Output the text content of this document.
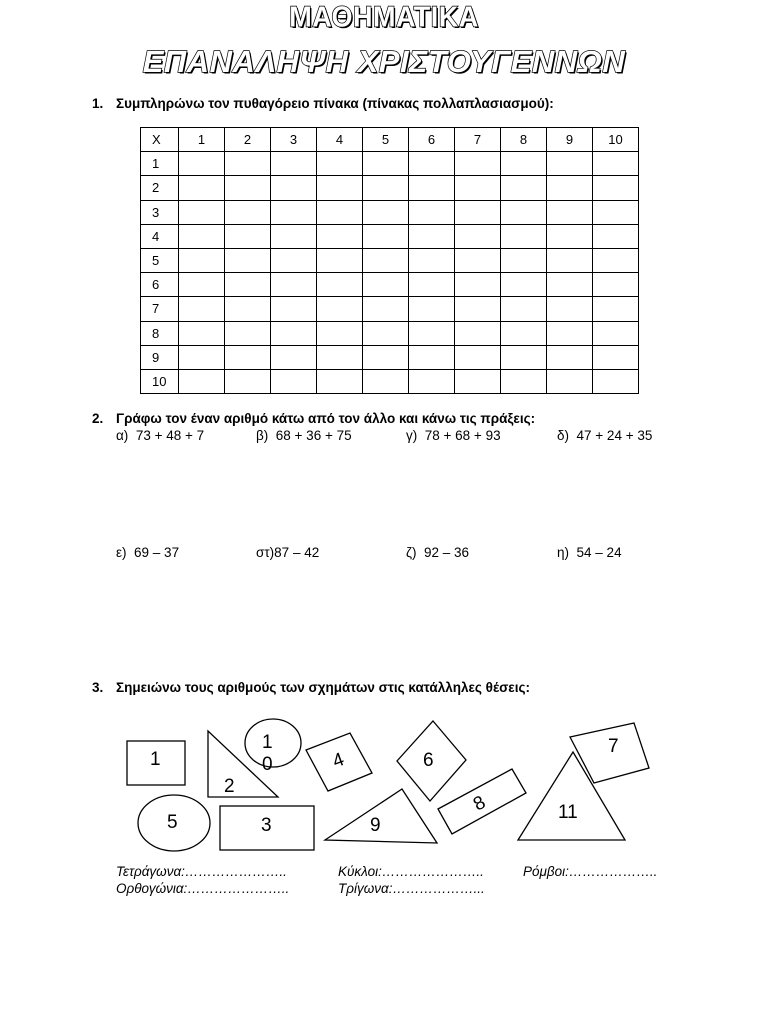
ΜΑΘΗΜΑΤΙΚΑ
ΕΠΑΝΑΛΗΨΗ ΧΡΙΣΤΟΥΓΕΝΝΩΝ
1. Συμπληρώνω τον πυθαγόρειο πίνακα (πίνακας πολλαπλασιασμού):
Χ	1	2	3	4	5	6	7	8	9	10
1										
2										
3										
4										
5										
6										
7										
8										
9										
10										
2. Γράφω τον έναν αριθμό κάτω από τον άλλο και κάνω τις πράξεις:
α) 73 + 48 + 7	β) 68 + 36 + 75	γ) 78 + 68 + 93	δ) 47 + 24 + 35
ε) 69 – 37	στ)87 – 42	ζ) 92 – 36	η) 54 – 24
3. Σημειώνω τους αριθμούς των σχημάτων στις κατάλληλες θέσεις:
1
2
1
0	4	6
7
5	3	9
8	11
Τετράγωνα:…………………..	Κύκλοι:…………………..	Ρόμβοι:………………..
Ορθογώνια:…………………..	Τρίγωνα:………………...
